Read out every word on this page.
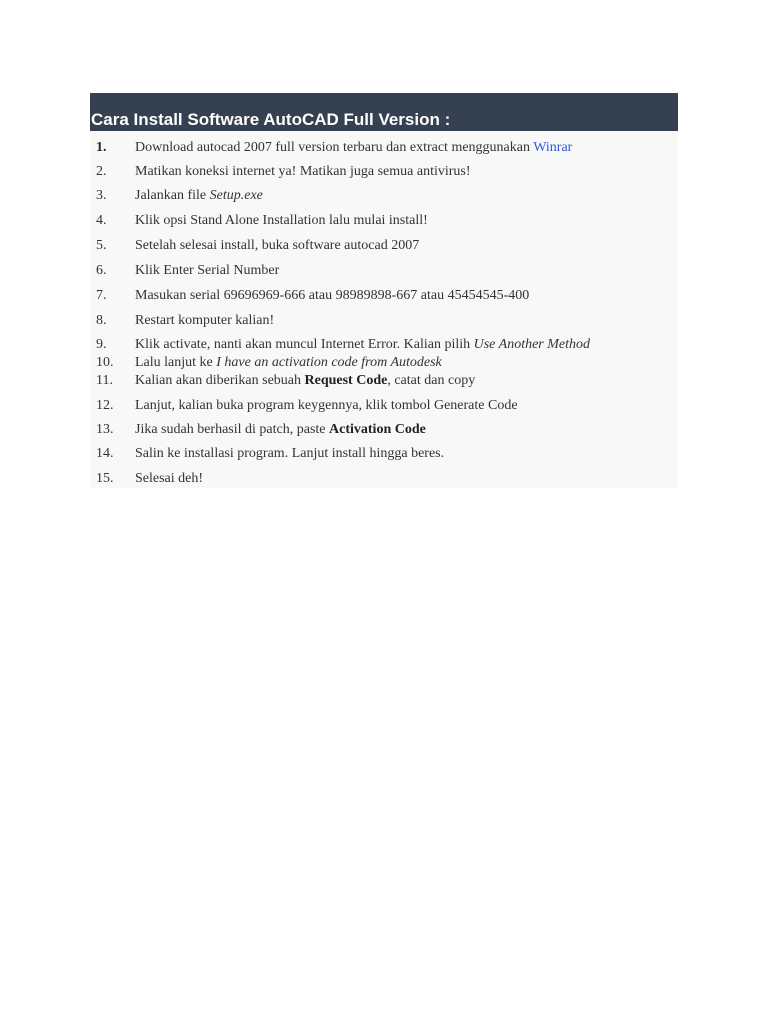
Cara Install Software AutoCAD Full Version :
1. Download autocad 2007 full version terbaru dan extract menggunakan Winrar
2. Matikan koneksi internet ya! Matikan juga semua antivirus!
3. Jalankan file Setup.exe
4. Klik opsi Stand Alone Installation lalu mulai install!
5. Setelah selesai install, buka software autocad 2007
6. Klik Enter Serial Number
7. Masukan serial 69696969-666 atau 98989898-667 atau 45454545-400
8. Restart komputer kalian!
9. Klik activate, nanti akan muncul Internet Error. Kalian pilih Use Another Method
10. Lalu lanjut ke I have an activation code from Autodesk
11. Kalian akan diberikan sebuah Request Code, catat dan copy
12. Lanjut, kalian buka program keygennya, klik tombol Generate Code
13. Jika sudah berhasil di patch, paste Activation Code
14. Salin ke installasi program. Lanjut install hingga beres.
15. Selesai deh!
